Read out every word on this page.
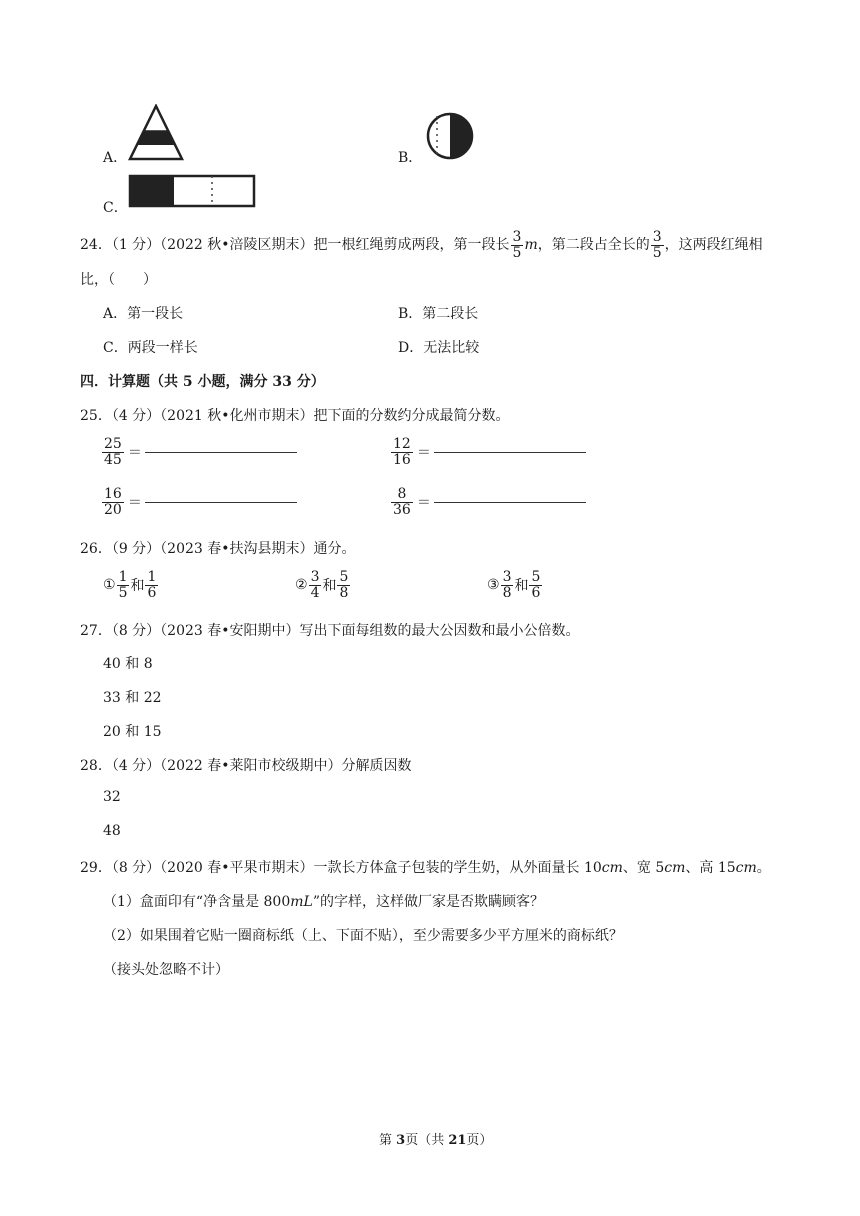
A．	B．
C．
24．（1 分）（2022 秋•涪陵区期末）把一根红绳剪成两段，第一段长 $\frac{3}{5}$ m，第二段占全长的 $\frac{3}{5}$ ，这两段红绳相
比，（　　）
A．第一段长	B．第二段长
C．两段一样长	D．无法比较
四．计算题（共 5 小题，满分 33 分）
25．（4 分）（2021 秋•化州市期末）把下面的分数约分成最简分数。
$\frac{25}{45}$ ＝	$\frac{12}{16}$ ＝
$\frac{16}{20}$ ＝	$\frac{8}{36}$ ＝
26．（9 分）（2023 春•扶沟县期末）通分。
① $\frac{1}{5}$ 和 $\frac{1}{6}$	② $\frac{3}{4}$ 和 $\frac{5}{8}$	③ $\frac{3}{8}$ 和 $\frac{5}{6}$
27．（8 分）（2023 春•安阳期中）写出下面每组数的最大公因数和最小公倍数。
40 和 8
33 和 22
20 和 15
28．（4 分）（2022 春•莱阳市校级期中）分解质因数
32
48
29．（8 分）（2020 春•平果市期末）一款长方体盒子包装的学生奶，从外面量长 10cm、宽 5cm、高 15cm。
（1）盒面印有“净含量是 800mL”的字样，这样做厂家是否欺瞒顾客？
（2）如果围着它贴一圈商标纸（上、下面不贴），至少需要多少平方厘米的商标纸？
（接头处忽略不计）
第 3页（共 21页）
